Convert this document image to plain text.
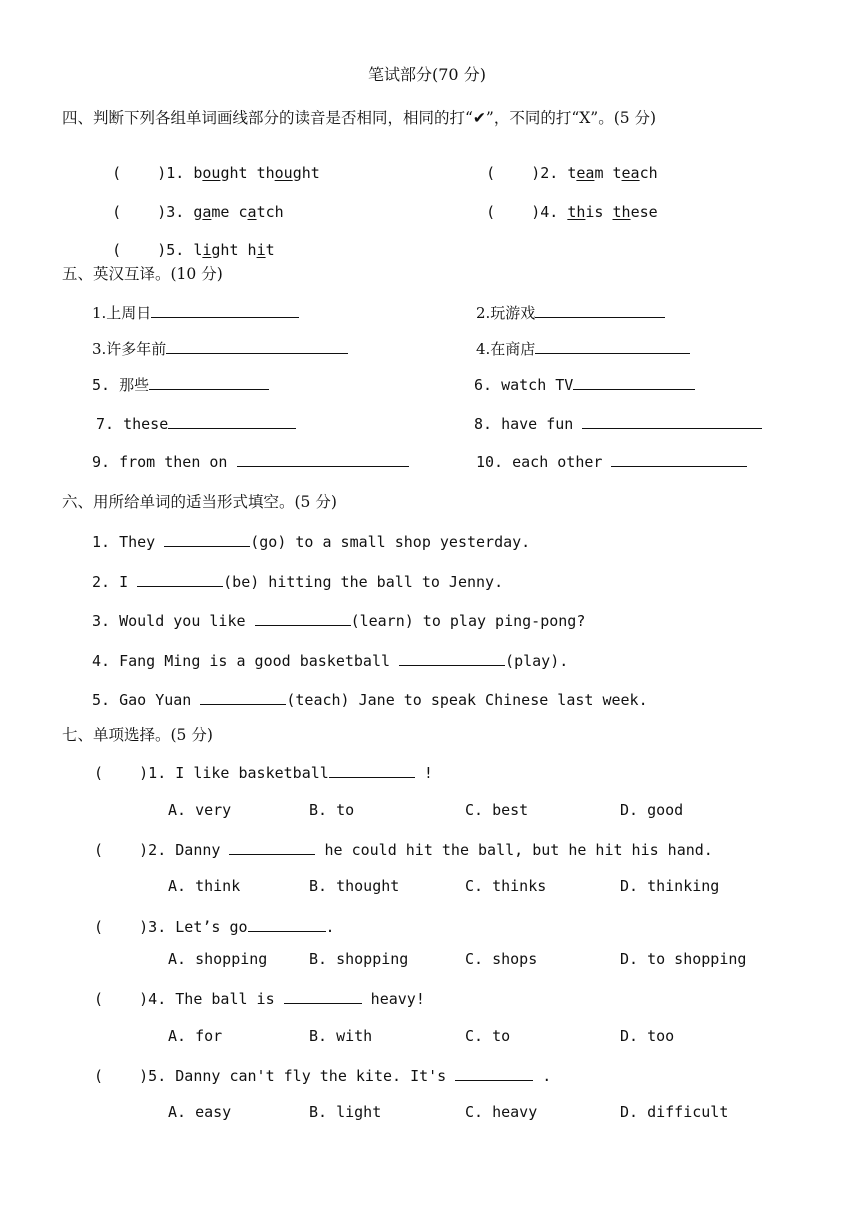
笔试部分(70 分)
四、判断下列各组单词画线部分的读音是否相同，相同的打“✔”，不同的打“X”。(5 分)

( )1. bought thought	( )2. team teach

( )3. game catch	( )4. this these

( )5. light hit

五、英汉互译。(10 分)
1.上周日	2.玩游戏
3.许多年前	4.在商店
5. 那些	6. watch TV
7. these	8. have fun
9. from then on	10. each other
六、用所给单词的适当形式填空。(5 分)
1. They	(go) to a small shop yesterday.
2. I	(be) hitting the ball to Jenny.
3. Would you like	(learn) to play ping-pong?
4. Fang Ming is a good basketball	(play).
5. Gao Yuan	(teach) Jane to speak Chinese last week.
七、单项选择。(5 分)
( )1. I like basketball	!
A. very	B. to	C. best	D. good
( )2. Danny	he could hit the ball, but he hit his hand.
A. think	B. thought	C. thinks	D. thinking
( )3. Let’s go	.
A. shopping	B. shopping	C. shops	D. to shopping
( )4. The ball is	heavy!
A. for	B. with	C. to	D. too
( )5. Danny can't fly the kite. It's	.
A. easy	B. light	C. heavy	D. difficult
